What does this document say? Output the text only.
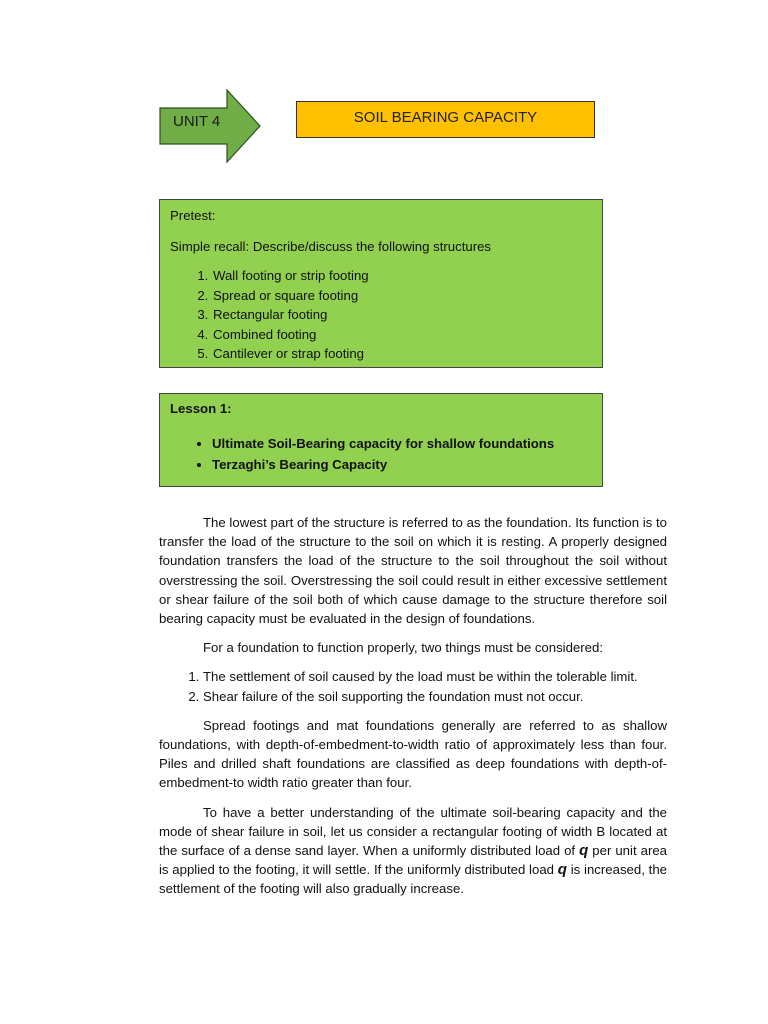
UNIT 4	SOIL BEARING CAPACITY

Pretest:

Simple recall: Describe/discuss the following structures

1. Wall footing or strip footing
2. Spread or square footing
3. Rectangular footing
4. Combined footing
5. Cantilever or strap footing

Lesson 1:

• Ultimate Soil-Bearing capacity for shallow foundations
• Terzaghi’s Bearing Capacity

The lowest part of the structure is referred to as the foundation. Its function is to transfer the load of the structure to the soil on which it is resting. A properly designed foundation transfers the load of the structure to the soil throughout the soil without overstressing the soil. Overstressing the soil could result in either excessive settlement or shear failure of the soil both of which cause damage to the structure therefore soil bearing capacity must be evaluated in the design of foundations.

For a foundation to function properly, two things must be considered:

1. The settlement of soil caused by the load must be within the tolerable limit.
2. Shear failure of the soil supporting the foundation must not occur.

Spread footings and mat foundations generally are referred to as shallow foundations, with depth-of-embedment-to-width ratio of approximately less than four. Piles and drilled shaft foundations are classified as deep foundations with depth-of-embedment-to width ratio greater than four.

To have a better understanding of the ultimate soil-bearing capacity and the mode of shear failure in soil, let us consider a rectangular footing of width B located at the surface of a dense sand layer. When a uniformly distributed load of q per unit area is applied to the footing, it will settle. If the uniformly distributed load q is increased, the settlement of the footing will also gradually increase.
